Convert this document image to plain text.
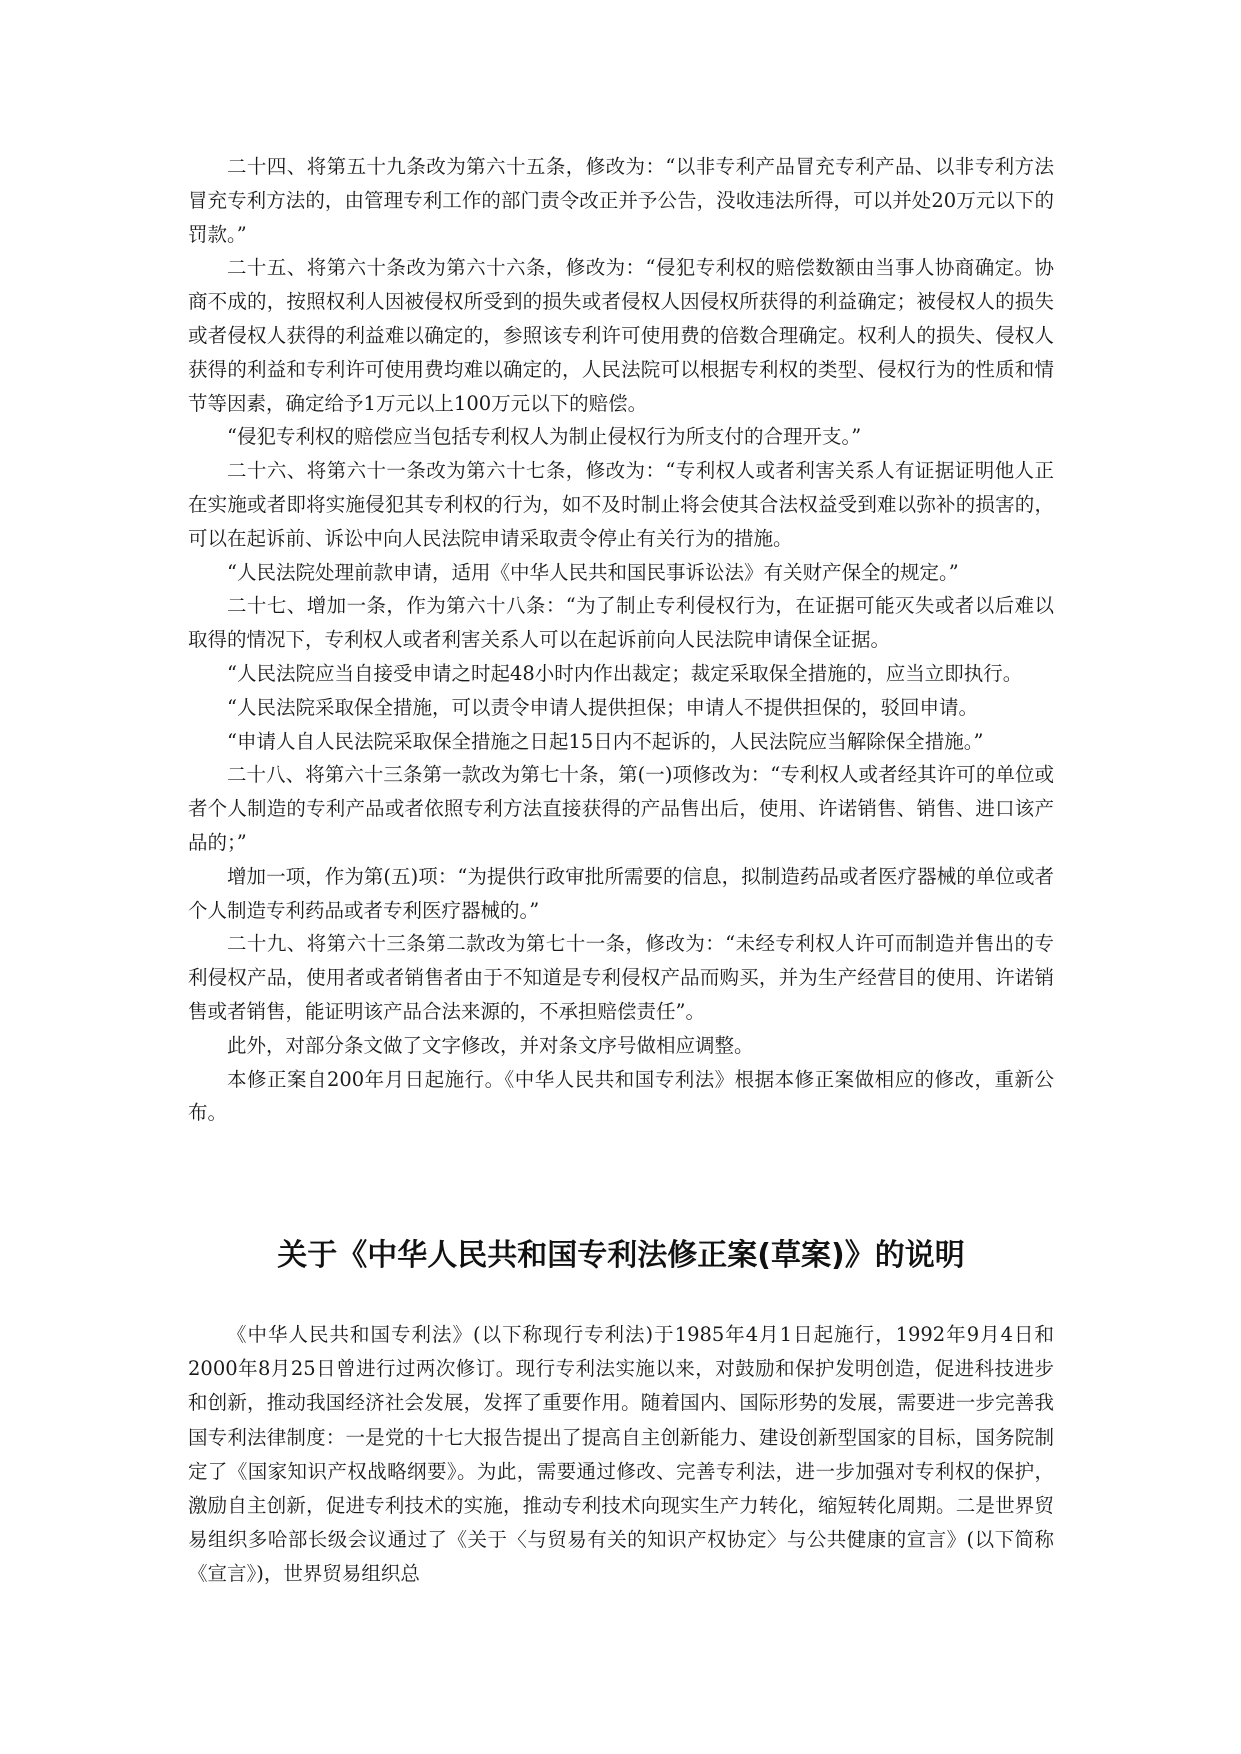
二十四、将第五十九条改为第六十五条，修改为：“以非专利产品冒充专利产品、以非专利方法冒充专利方法的，由管理专利工作的部门责令改正并予公告，没收违法所得，可以并处20万元以下的罚款。”

二十五、将第六十条改为第六十六条，修改为：“侵犯专利权的赔偿数额由当事人协商确定。协商不成的，按照权利人因被侵权所受到的损失或者侵权人因侵权所获得的利益确定；被侵权人的损失或者侵权人获得的利益难以确定的，参照该专利许可使用费的倍数合理确定。权利人的损失、侵权人获得的利益和专利许可使用费均难以确定的，人民法院可以根据专利权的类型、侵权行为的性质和情节等因素，确定给予1万元以上100万元以下的赔偿。

“侵犯专利权的赔偿应当包括专利权人为制止侵权行为所支付的合理开支。”

二十六、将第六十一条改为第六十七条，修改为：“专利权人或者利害关系人有证据证明他人正在实施或者即将实施侵犯其专利权的行为，如不及时制止将会使其合法权益受到难以弥补的损害的，可以在起诉前、诉讼中向人民法院申请采取责令停止有关行为的措施。

“人民法院处理前款申请，适用《中华人民共和国民事诉讼法》有关财产保全的规定。”

二十七、增加一条，作为第六十八条：“为了制止专利侵权行为，在证据可能灭失或者以后难以取得的情况下，专利权人或者利害关系人可以在起诉前向人民法院申请保全证据。

“人民法院应当自接受申请之时起48小时内作出裁定；裁定采取保全措施的，应当立即执行。

“人民法院采取保全措施，可以责令申请人提供担保；申请人不提供担保的，驳回申请。

“申请人自人民法院采取保全措施之日起15日内不起诉的，人民法院应当解除保全措施。”

二十八、将第六十三条第一款改为第七十条，第(一)项修改为：“专利权人或者经其许可的单位或者个人制造的专利产品或者依照专利方法直接获得的产品售出后，使用、许诺销售、销售、进口该产品的；”

增加一项，作为第(五)项：“为提供行政审批所需要的信息，拟制造药品或者医疗器械的单位或者个人制造专利药品或者专利医疗器械的。”

二十九、将第六十三条第二款改为第七十一条，修改为：“未经专利权人许可而制造并售出的专利侵权产品，使用者或者销售者由于不知道是专利侵权产品而购买，并为生产经营目的使用、许诺销售或者销售，能证明该产品合法来源的，不承担赔偿责任”。

此外，对部分条文做了文字修改，并对条文序号做相应调整。

本修正案自200年月日起施行。《中华人民共和国专利法》根据本修正案做相应的修改，重新公布。

关于《中华人民共和国专利法修正案(草案)》的说明

《中华人民共和国专利法》(以下称现行专利法)于1985年4月1日起施行，1992年9月4日和2000年8月25日曾进行过两次修订。现行专利法实施以来，对鼓励和保护发明创造，促进科技进步和创新，推动我国经济社会发展，发挥了重要作用。随着国内、国际形势的发展，需要进一步完善我国专利法律制度：一是党的十七大报告提出了提高自主创新能力、建设创新型国家的目标，国务院制定了《国家知识产权战略纲要》。为此，需要通过修改、完善专利法，进一步加强对专利权的保护，激励自主创新，促进专利技术的实施，推动专利技术向现实生产力转化，缩短转化周期。二是世界贸易组织多哈部长级会议通过了《关于〈与贸易有关的知识产权协定〉与公共健康的宣言》(以下简称《宣言》)，世界贸易组织总
